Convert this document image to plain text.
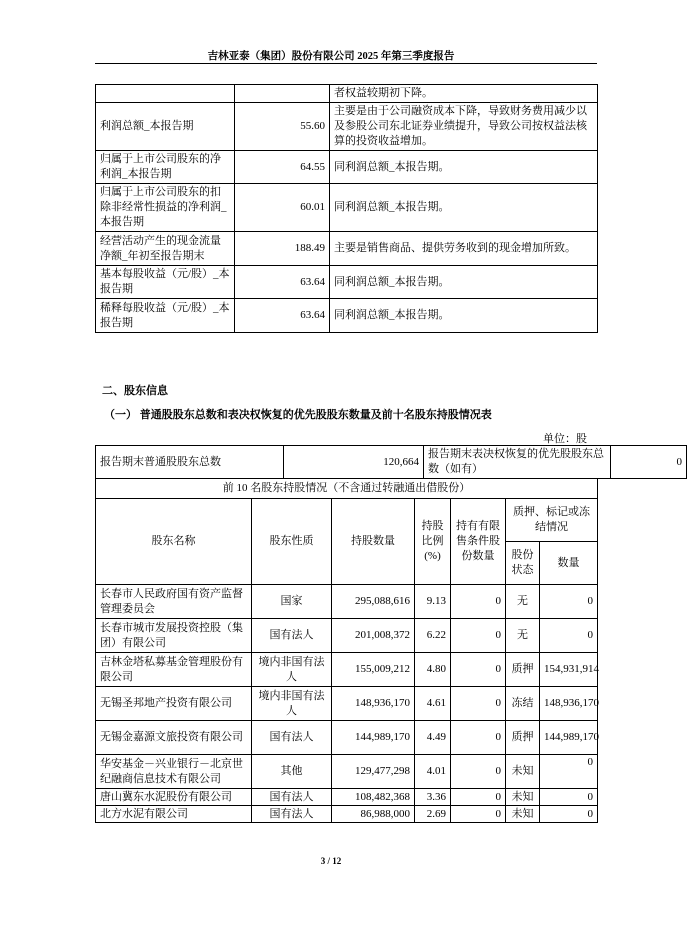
吉林亚泰（集团）股份有限公司 2025 年第三季度报告
		者权益较期初下降。
利润总额_本报告期	55.60	主要是由于公司融资成本下降，导致财务费用减少以及参股公司东北证券业绩提升，导致公司按权益法核算的投资收益增加。
归属于上市公司股东的净利润_本报告期	64.55	同利润总额_本报告期。
归属于上市公司股东的扣除非经常性损益的净利润_本报告期	60.01	同利润总额_本报告期。
经营活动产生的现金流量净额_年初至报告期末	188.49	主要是销售商品、提供劳务收到的现金增加所致。
基本每股收益（元/股）_本报告期	63.64	同利润总额_本报告期。
稀释每股收益（元/股）_本报告期	63.64	同利润总额_本报告期。
二、股东信息
（一） 普通股股东总数和表决权恢复的优先股股东数量及前十名股东持股情况表
单位：股
报告期末普通股股东总数	120,664	报告期末表决权恢复的优先股股东总数（如有）	0
前 10 名股东持股情况（不含通过转融通出借股份）						
股东名称	股东性质	持股数量	持股比例(%)	持有有限售条件股份数量	质押、标记或冻结情况	
					股份状态	数量
长春市人民政府国有资产监督管理委员会	国家	295,088,616	9.13	0	无	0
长春市城市发展投资控股（集团）有限公司	国有法人	201,008,372	6.22	0	无	0
吉林金塔私募基金管理股份有限公司	境内非国有法人	155,009,212	4.80	0	质押	154,931,914
无锡圣邦地产投资有限公司	境内非国有法人	148,936,170	4.61	0	冻结	148,936,170
无锡金嘉源文旅投资有限公司	国有法人	144,989,170	4.49	0	质押	144,989,170
华安基金－兴业银行－北京世纪融商信息技术有限公司	其他	129,477,298	4.01	0	未知	0
唐山冀东水泥股份有限公司	国有法人	108,482,368	3.36	0	未知	0
北方水泥有限公司	国有法人	86,988,000	2.69	0	未知	0
3 / 12
